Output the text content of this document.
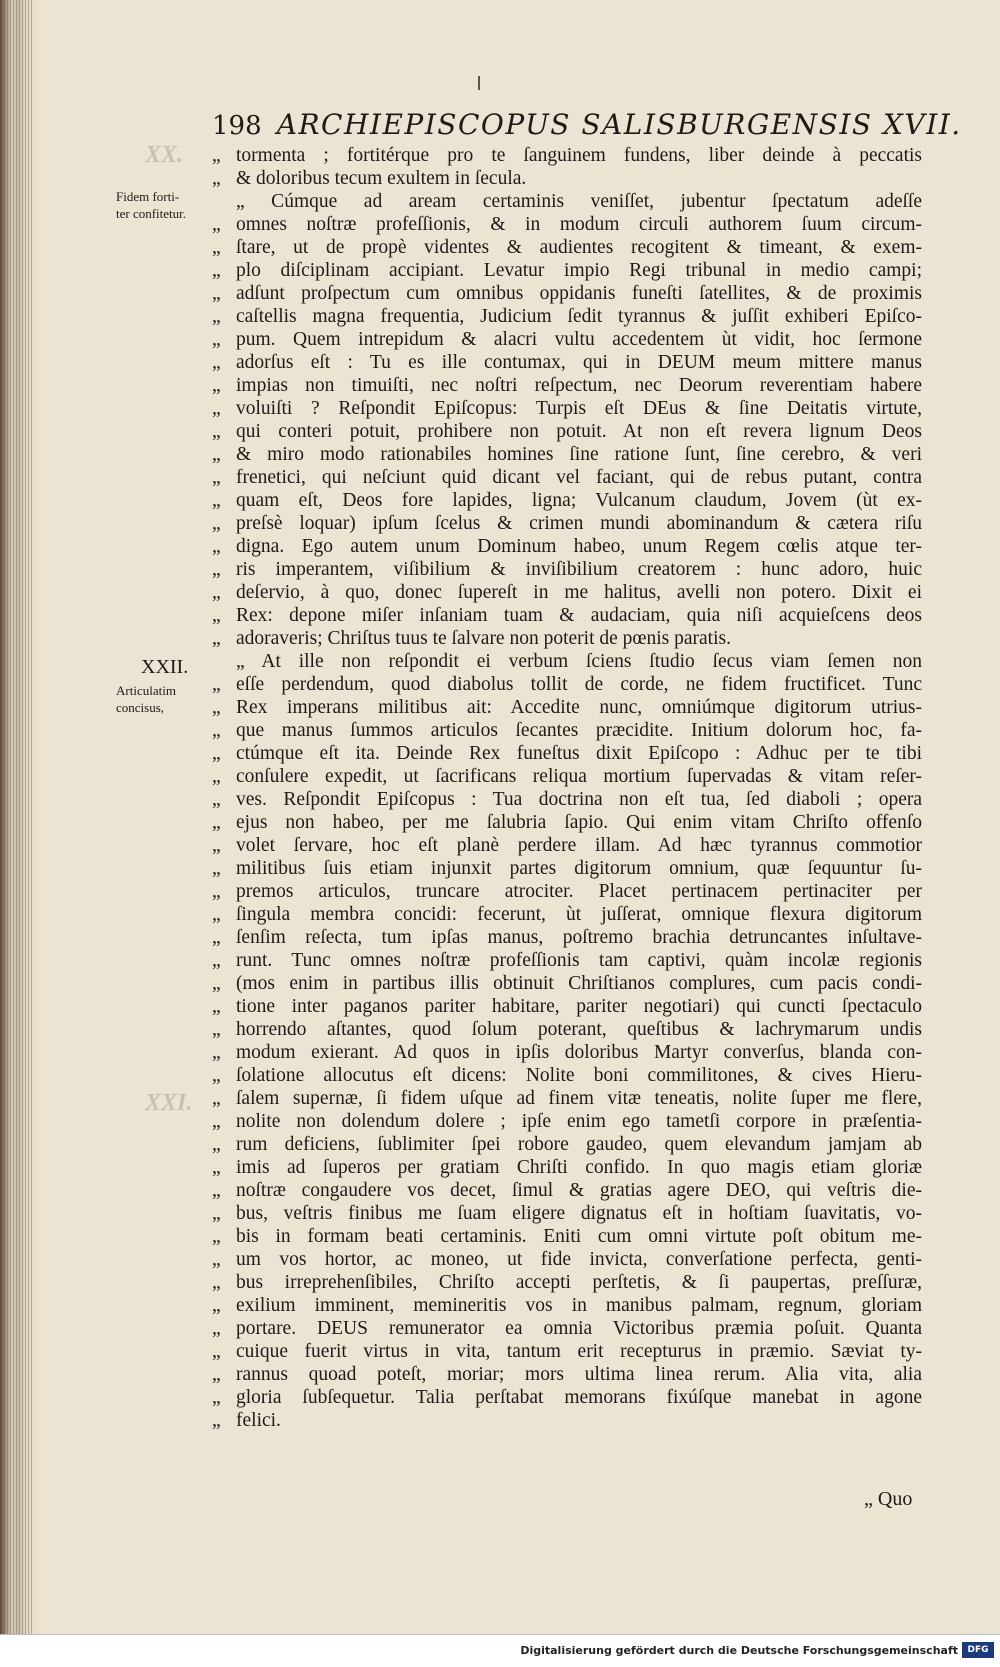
198 ARCHIEPISCOPUS SALISBURGENSIS XVII.
XX.
XXI.
Fidem forti-
ter confitetur.
XXII.
Articulatim
concisus,
„ tormenta ; fortitérque pro te ſanguinem fundens, liber deinde à peccatis
„ & doloribus tecum exultem in ſecula.
„ Cúmque ad aream certaminis veniſſet, jubentur ſpectatum adeſſe
„ omnes noſtræ profeſſionis, & in modum circuli authorem ſuum circum-
„ ſtare, ut de propè videntes & audientes recogitent & timeant, & exem-
„ plo diſciplinam accipiant. Levatur impio Regi tribunal in medio campi;
„ adſunt proſpectum cum omnibus oppidanis funeſti ſatellites, & de proximis
„ caſtellis magna frequentia, Judicium ſedit tyrannus & juſſit exhiberi Epiſco-
„ pum. Quem intrepidum & alacri vultu accedentem ùt vidit, hoc ſermone
„ adorſus eſt : Tu es ille contumax, qui in DEUM meum mittere manus
„ impias non timuiſti, nec noſtri reſpectum, nec Deorum reverentiam habere
„ voluiſti ? Reſpondit Epiſcopus: Turpis eſt DEus & ſine Deitatis virtute,
„ qui conteri potuit, prohibere non potuit. At non eſt revera lignum Deos
„ & miro modo rationabiles homines ſine ratione ſunt, ſine cerebro, & veri
„ frenetici, qui neſciunt quid dicant vel faciant, qui de rebus putant, contra
„ quam eſt, Deos fore lapides, ligna; Vulcanum claudum, Jovem (ùt ex-
„ preſsè loquar) ipſum ſcelus & crimen mundi abominandum & cætera riſu
„ digna. Ego autem unum Dominum habeo, unum Regem cœlis atque ter-
„ ris imperantem, viſibilium & inviſibilium creatorem : hunc adoro, huic
„ deſervio, à quo, donec ſupereſt in me halitus, avelli non potero. Dixit ei
„ Rex: depone miſer inſaniam tuam & audaciam, quia niſi acquieſcens deos
„ adoraveris; Chriſtus tuus te ſalvare non poterit de pœnis paratis.
„ At ille non reſpondit ei verbum ſciens ſtudio ſecus viam ſemen non
„ eſſe perdendum, quod diabolus tollit de corde, ne fidem fructificet. Tunc
„ Rex imperans militibus ait: Accedite nunc, omniúmque digitorum utrius-
„ que manus ſummos articulos ſecantes præcidite. Initium dolorum hoc, fa-
„ ctúmque eſt ita. Deinde Rex funeſtus dixit Epiſcopo : Adhuc per te tibi
„ conſulere expedit, ut ſacrificans reliqua mortium ſupervadas & vitam reſer-
„ ves. Reſpondit Epiſcopus : Tua doctrina non eſt tua, ſed diaboli ; opera
„ ejus non habeo, per me ſalubria ſapio. Qui enim vitam Chriſto offenſo
„ volet ſervare, hoc eſt planè perdere illam. Ad hæc tyrannus commotior
„ militibus ſuis etiam injunxit partes digitorum omnium, quæ ſequuntur ſu-
„ premos articulos, truncare atrociter. Placet pertinacem pertinaciter per
„ ſingula membra concidi: fecerunt, ùt juſſerat, omnique flexura digitorum
„ ſenſim reſecta, tum ipſas manus, poſtremo brachia detruncantes inſultave-
„ runt. Tunc omnes noſtræ profeſſionis tam captivi, quàm incolæ regionis
„ (mos enim in partibus illis obtinuit Chriſtianos complures, cum pacis condi-
„ tione inter paganos pariter habitare, pariter negotiari) qui cuncti ſpectaculo
„ horrendo aſtantes, quod ſolum poterant, queſtibus & lachrymarum undis
„ modum exierant. Ad quos in ipſis doloribus Martyr converſus, blanda con-
„ ſolatione allocutus eſt dicens: Nolite boni commilitones, & cives Hieru-
„ ſalem supernæ, ſi fidem uſque ad finem vitæ teneatis, nolite ſuper me flere,
„ nolite non dolendum dolere ; ipſe enim ego tametſi corpore in præſentia-
„ rum deficiens, ſublimiter ſpei robore gaudeo, quem elevandum jamjam ab
„ imis ad ſuperos per gratiam Chriſti confido. In quo magis etiam gloriæ
„ noſtræ congaudere vos decet, ſimul & gratias agere DEO, qui veſtris die-
„ bus, veſtris finibus me ſuam eligere dignatus eſt in hoſtiam ſuavitatis, vo-
„ bis in formam beati certaminis. Eniti cum omni virtute poſt obitum me-
„ um vos hortor, ac moneo, ut fide invicta, converſatione perfecta, genti-
„ bus irreprehenſibiles, Chriſto accepti perſtetis, & ſi paupertas, preſſuræ,
„ exilium imminent, memineritis vos in manibus palmam, regnum, gloriam
„ portare. DEUS remunerator ea omnia Victoribus præmia poſuit. Quanta
„ cuique fuerit virtus in vita, tantum erit recepturus in præmio. Sæviat ty-
„ rannus quoad poteſt, moriar; mors ultima linea rerum. Alia vita, alia
„ gloria ſubſequetur. Talia perſtabat memorans fixúſque manebat in agone
„ felici.
„ Quo
Digitalisierung gefördert durch die Deutsche Forschungsgemeinschaft	DFG
